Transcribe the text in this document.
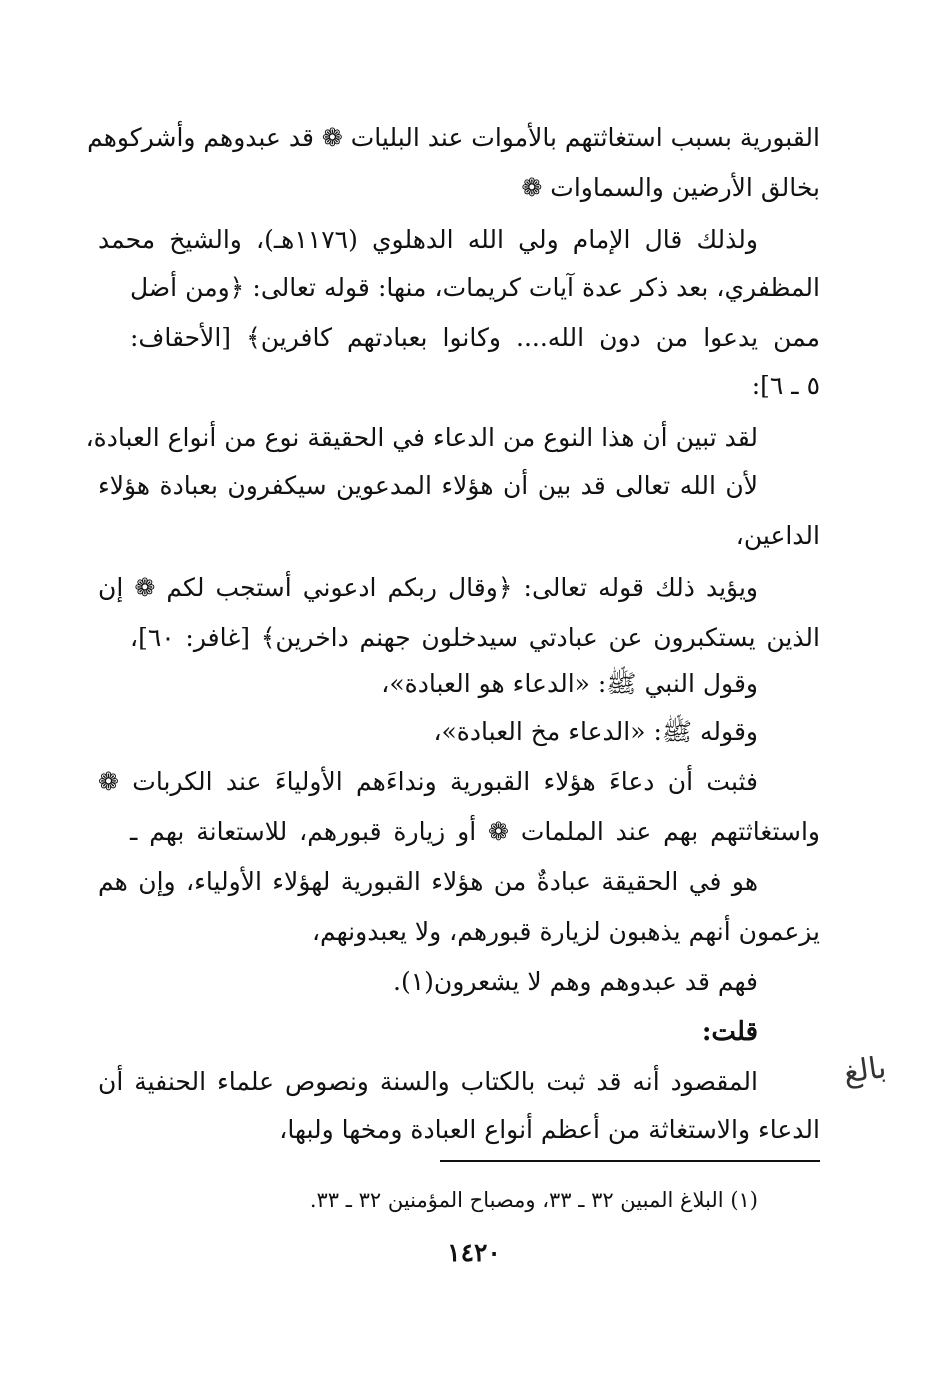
القبورية بسبب استغاثتهم بالأموات عند البليات ❁ قد عبدوهم وأشركوهم
بخالق الأرضين والسماوات ❁
ولذلك قال الإمام ولي الله الدهلوي (١١٧٦هـ)، والشيخ محمد
المظفري، بعد ذكر عدة آيات كريمات، منها: قوله تعالى: ﴿ومن أضل
ممن يدعوا من دون الله.... وكانوا بعبادتهم كافرين﴾ [الأحقاف:
٥ ـ ٦]:
لقد تبين أن هذا النوع من الدعاء في الحقيقة نوع من أنواع العبادة،
لأن الله تعالى قد بين أن هؤلاء المدعوين سيكفرون بعبادة هؤلاء
الداعين،
ويؤيد ذلك قوله تعالى: ﴿وقال ربكم ادعوني أستجب لكم ❁ إن
الذين يستكبرون عن عبادتي سيدخلون جهنم داخرين﴾ [غافر: ٦٠]،
وقول النبي ﷺ: «الدعاء هو العبادة»،
وقوله ﷺ: «الدعاء مخ العبادة»،
فثبت أن دعاءَ هؤلاء القبورية ونداءَهم الأولياءَ عند الكربات ❁
واستغاثتهم بهم عند الملمات ❁ أو زيارة قبورهم، للاستعانة بهم ـ
هو في الحقيقة عبادةٌ من هؤلاء القبورية لهؤلاء الأولياء، وإن هم
يزعمون أنهم يذهبون لزيارة قبورهم، ولا يعبدونهم،
فهم قد عبدوهم وهم لا يشعرون(١).
قلت:
المقصود أنه قد ثبت بالكتاب والسنة ونصوص علماء الحنفية أن
الدعاء والاستغاثة من أعظم أنواع العبادة ومخها ولبها،
بالغ
(١) البلاغ المبين ٣٢ ـ ٣٣، ومصباح المؤمنين ٣٢ ـ ٣٣.
١٤٢٠
